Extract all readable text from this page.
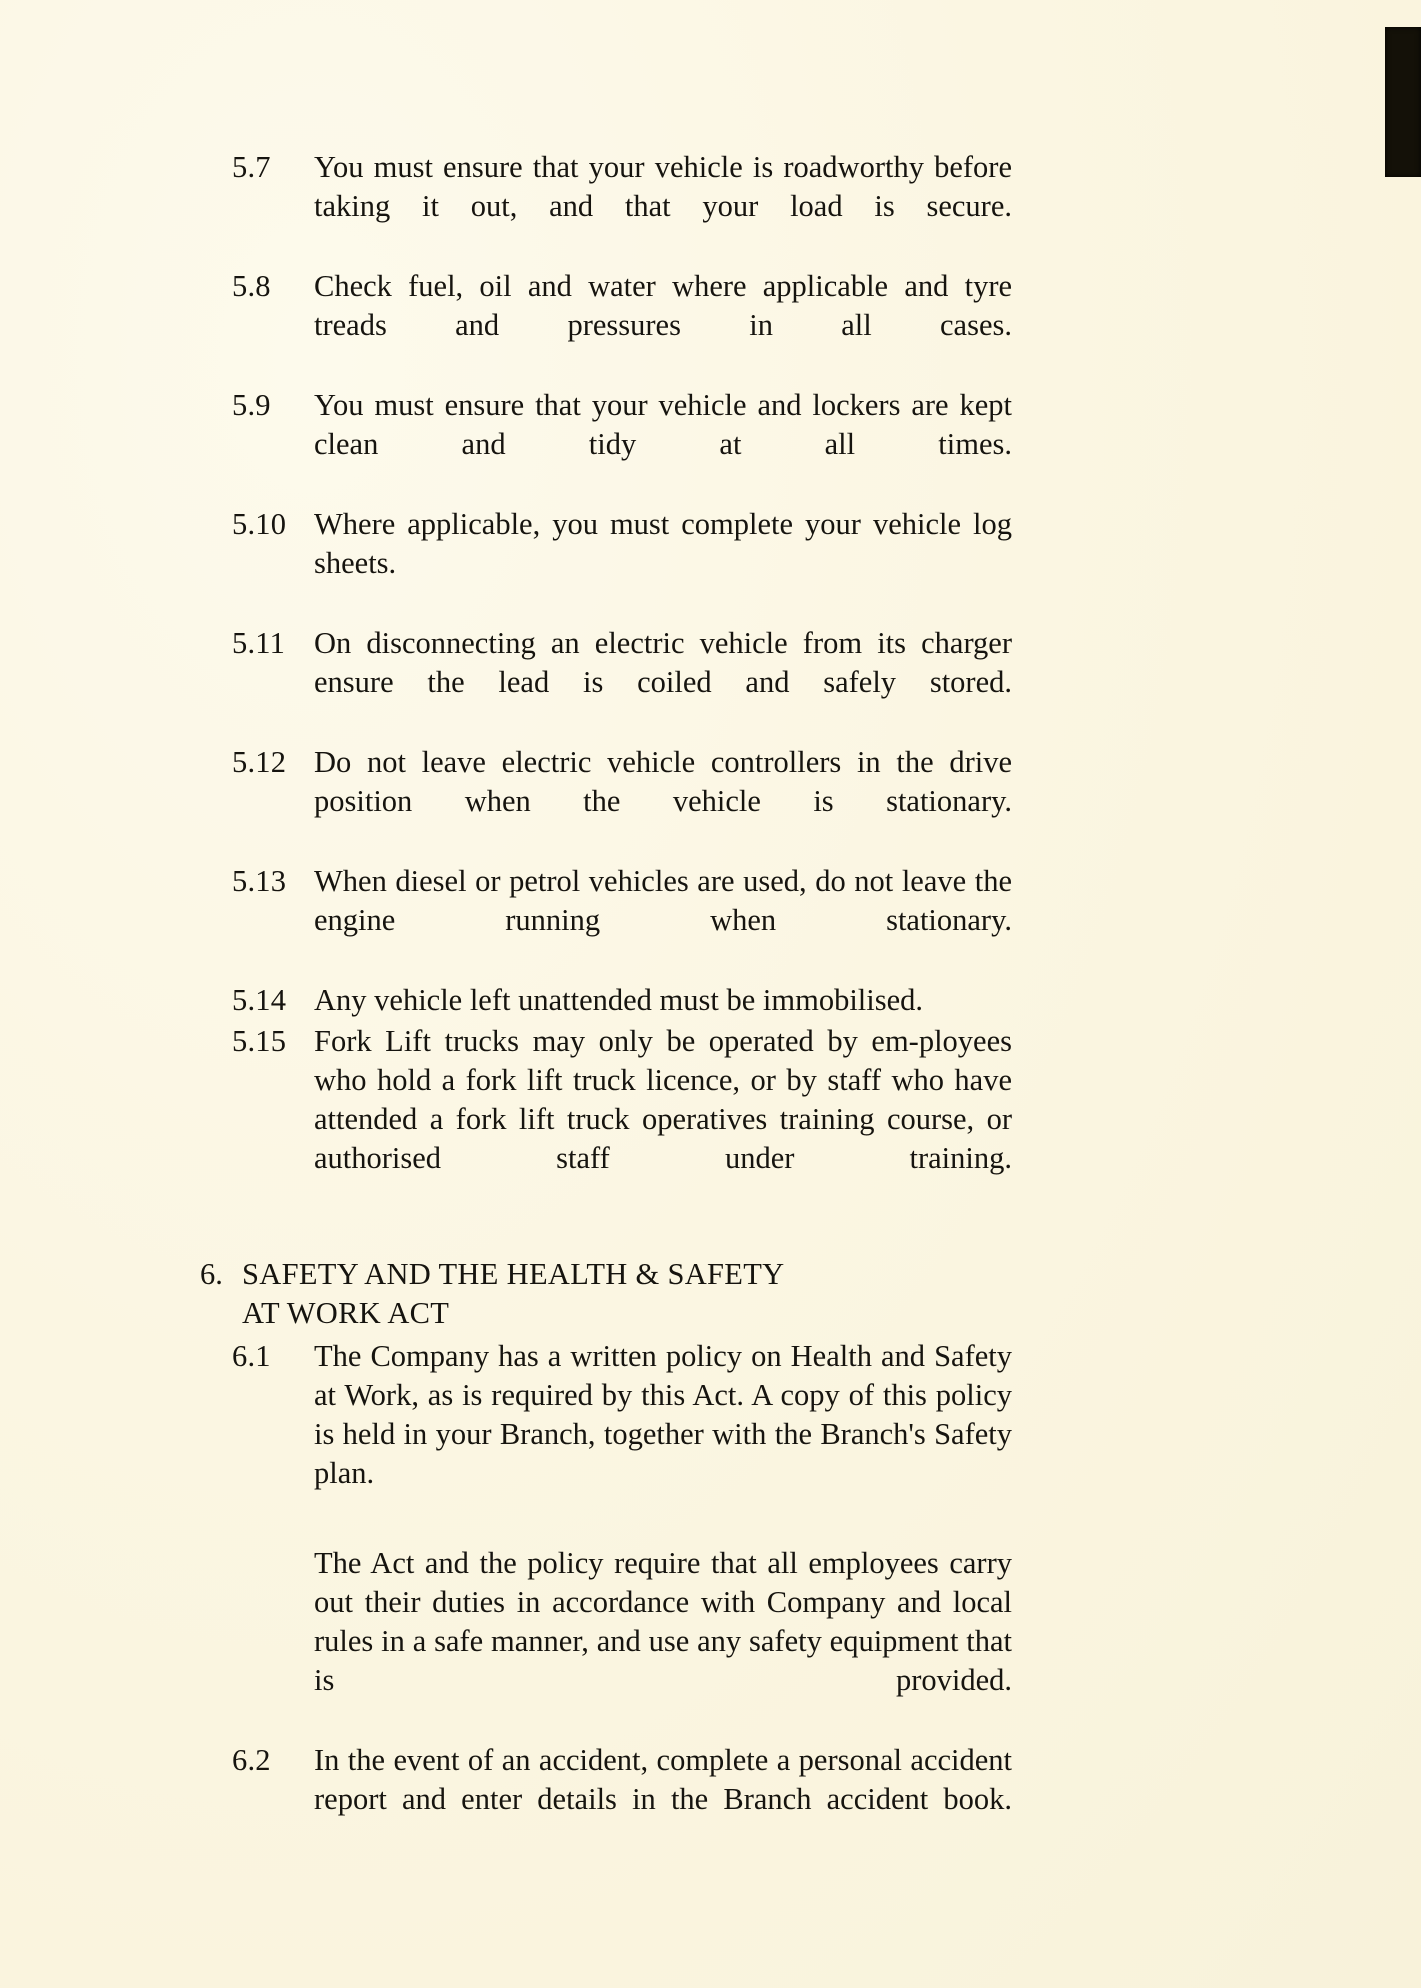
5.7	You must ensure that your vehicle is roadworthy before taking it out, and that your load is secure.

5.8	Check fuel, oil and water where applicable and tyre treads and pressures in all cases.

5.9	You must ensure that your vehicle and lockers are kept clean and tidy at all times.

5.10 Where applicable, you must complete your vehicle log sheets.

5.11 On disconnecting an electric vehicle from its charger ensure the lead is coiled and safely stored.

5.12 Do not leave electric vehicle controllers in the drive position when the vehicle is stationary.

5.13 When diesel or petrol vehicles are used, do not leave the engine running when stationary.

5.14 Any vehicle left unattended must be immobilised.

5.15 Fork Lift trucks may only be operated by em-ployees who hold a fork lift truck licence, or by staff who have attended a fork lift truck operatives training course, or authorised staff	under training.

6. SAFETY AND THE HEALTH & SAFETY
AT WORK ACT
6.1	The Company has a written policy on Health and Safety at Work, as is required by this Act. A copy of this policy is held in your Branch, together with the Branch's Safety plan.

The Act and the policy require that all employees carry out their duties in accordance with Company and local rules in a safe manner, and use any safety equipment that is provided.

6.2	In the event of an accident, complete a personal accident report and enter details in the Branch accident book.
